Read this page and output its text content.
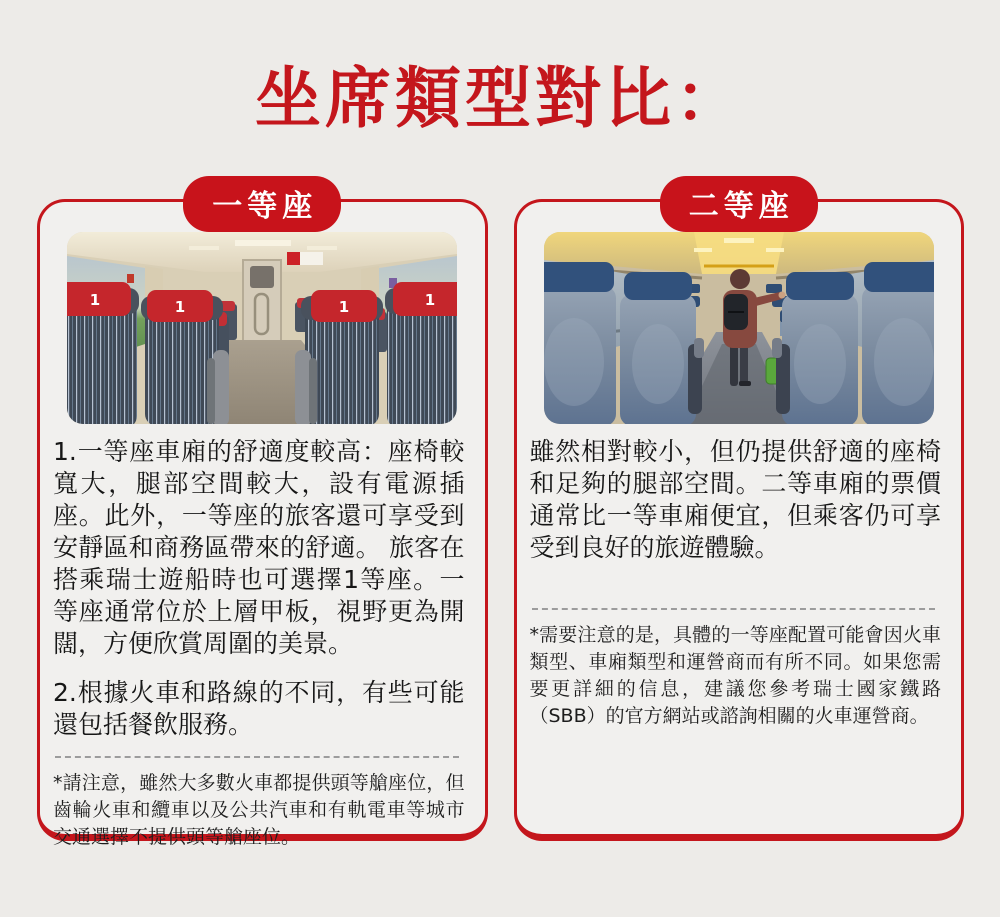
坐席類型對比：
一等座
1	1	1
1

1.一等座車廂的舒適度較高：座椅較寬大，腿部空間較大，設有電源插座。此外，一等座的旅客還可享受到安靜區和商務區帶來的舒適。 旅客在搭乘瑞士遊船時也可選擇1等座。一等座通常位於上層甲板，視野更為開闊，方便欣賞周圍的美景。

2.根據火車和路線的不同，有些可能還包括餐飲服務。

*請注意，雖然大多數火車都提供頭等艙座位，但齒輪火車和纜車以及公共汽車和有軌電車等城市交通選擇不提供頭等艙座位。

二等座

雖然相對較小，但仍提供舒適的座椅和足夠的腿部空間。二等車廂的票價通常比一等車廂便宜，但乘客仍可享受到良好的旅遊體驗。

*需要注意的是，具體的一等座配置可能會因火車類型、車廂類型和運營商而有所不同。如果您需要更詳細的信息，建議您參考瑞士國家鐵路（SBB）的官方網站或諮詢相關的火車運營商。
